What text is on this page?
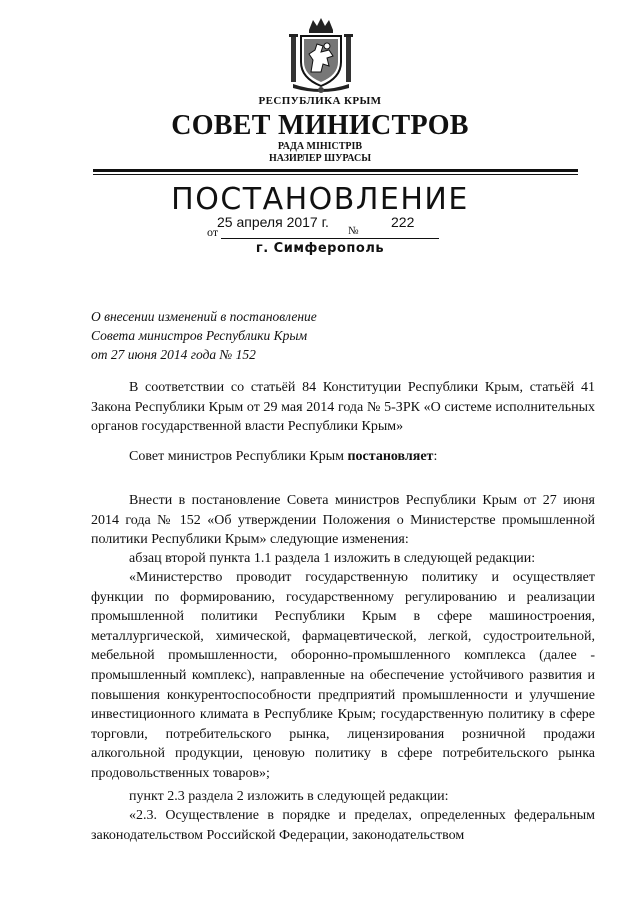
РЕСПУБЛИКА КРЫМ
СОВЕТ МИНИСТРОВ
РАДА МІНІСТРІВ
НАЗИРЛЕР ШУРАСЫ
ПОСТАНОВЛЕНИЕ
от
25 апреля 2017 г.
№
222
г. Симферополь
О внесении изменений в постановление
Совета министров Республики Крым
от 27 июня 2014 года № 152
В соответствии со статьёй 84 Конституции Республики Крым, статьёй 41 Закона Республики Крым от 29 мая 2014 года № 5-ЗРК «О системе исполнительных органов государственной власти Республики Крым»
Совет министров Республики Крым постановляет:
Внести в постановление Совета министров Республики Крым от 27 июня 2014 года № 152 «Об утверждении Положения о Министерстве промышленной политики Республики Крым» следующие изменения:
абзац второй пункта 1.1 раздела 1 изложить в следующей редакции:
«Министерство проводит государственную политику и осуществляет функции по формированию, государственному регулированию и реализации промышленной политики Республики Крым в сфере машиностроения, металлургической, химической, фармацевтической, легкой, судостроительной, мебельной промышленности, оборонно-промышленного комплекса (далее - промышленный комплекс), направленные на обеспечение устойчивого развития и повышения конкурентоспособности предприятий промышленности и улучшение инвестиционного климата в Республике Крым; государственную политику в сфере торговли, потребительского рынка, лицензирования розничной продажи алкогольной продукции, ценовую политику в сфере потребительского рынка продовольственных товаров»;
пункт 2.3 раздела 2 изложить в следующей редакции:
«2.3. Осуществление в порядке и пределах, определенных федеральным законодательством Российской Федерации, законодательством
